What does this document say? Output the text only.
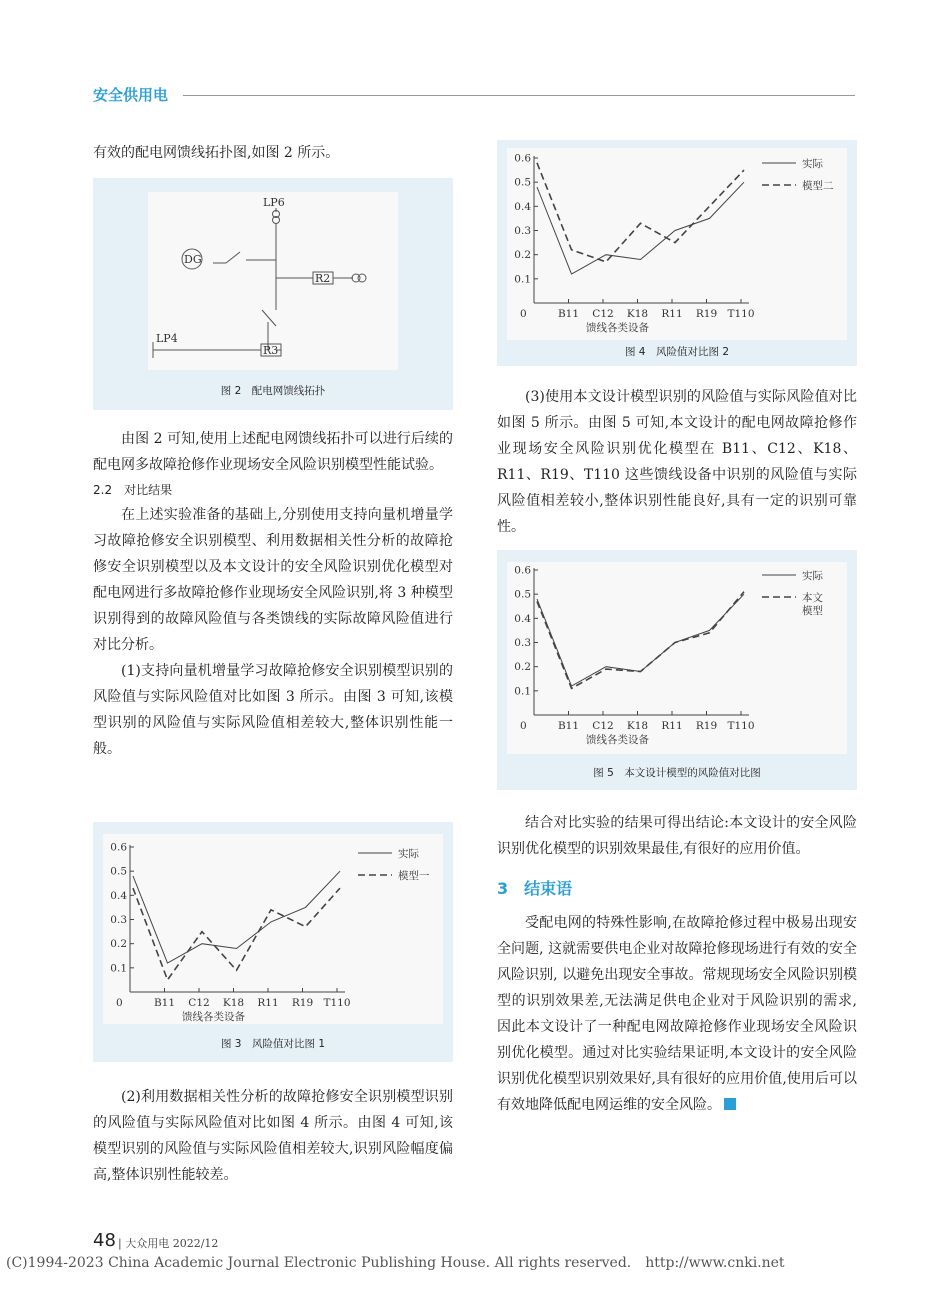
安全供用电

有效的配电网馈线拓扑图,如图 2 所示。

LP6
DG
R2
LP4
R3
图 2　配电网馈线拓扑

由图 2 可知,使用上述配电网馈线拓扑可以进行后续的配电网多故障抢修作业现场安全风险识别模型性能试验。

2.2　对比结果

在上述实验准备的基础上,分别使用支持向量机增量学习故障抢修安全识别模型、利用数据相关性分析的故障抢修安全识别模型以及本文设计的安全风险识别优化模型对配电网进行多故障抢修作业现场安全风险识别,将 3 种模型识别得到的故障风险值与各类馈线的实际故障风险值进行对比分析。

(1)支持向量机增量学习故障抢修安全识别模型识别的风险值与实际风险值对比如图 3 所示。由图 3 可知,该模型识别的风险值与实际风险值相差较大,整体识别性能一般。

0.1
0.2
0.3
0.4
0.5
0.6
0	B11 C12 K18 R11 R19 T110
馈线各类设备
实际
模型一
图 3　风险值对比图 1

(2)利用数据相关性分析的故障抢修安全识别模型识别的风险值与实际风险值对比如图 4 所示。由图 4 可知,该模型识别的风险值与实际风险值相差较大,识别风险幅度偏高,整体识别性能较差。

0.1
0.2
0.3
0.4
0.5
0.6
0	B11 C12 K18 R11 R19 T110
馈线各类设备
实际
模型二
图 4　风险值对比图 2

(3)使用本文设计模型识别的风险值与实际风险值对比如图 5 所示。由图 5 可知,本文设计的配电网故障抢修作业现场安全风险识别优化模型在 B11、C12、K18、R11、R19、T110 这些馈线设备中识别的风险值与实际风险值相差较小,整体识别性能良好,具有一定的识别可靠性。

0.1
0.2
0.3
0.4
0.5
0.6
0	B11 C12 K18 R11 R19 T110
馈线各类设备
实际
本文模型
图 5　本文设计模型的风险值对比图

结合对比实验的结果可得出结论:本文设计的安全风险识别优化模型的识别效果最佳,有很好的应用价值。

3　结束语

受配电网的特殊性影响,在故障抢修过程中极易出现安全问题, 这就需要供电企业对故障抢修现场进行有效的安全风险识别, 以避免出现安全事故。常规现场安全风险识别模型的识别效果差,无法满足供电企业对于风险识别的需求, 因此本文设计了一种配电网故障抢修作业现场安全风险识别优化模型。通过对比实验结果证明,本文设计的安全风险识别优化模型识别效果好,具有很好的应用价值,使用后可以有效地降低配电网运维的安全风险。

48 | 大众用电 2022/12
(C)1994-2023 China Academic Journal Electronic Publishing House. All rights reserved.　http://www.cnki.net
